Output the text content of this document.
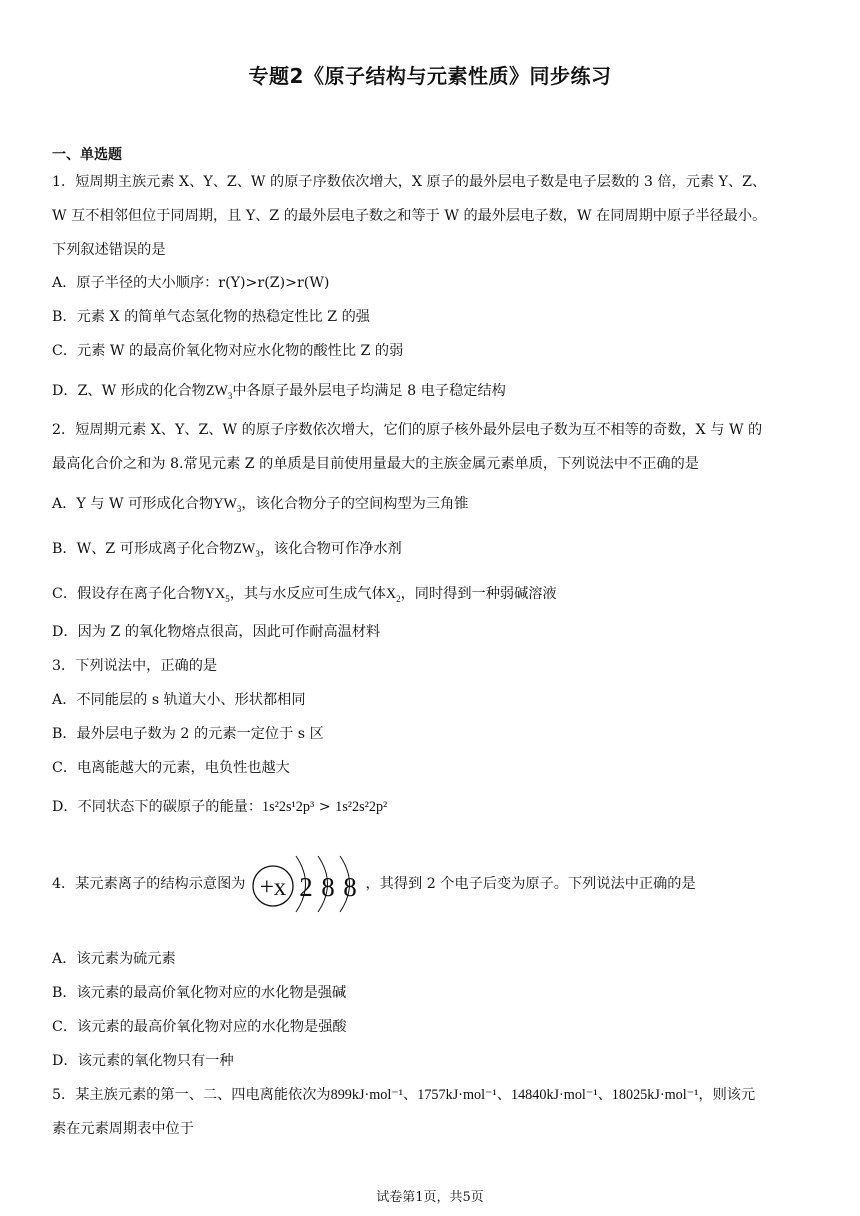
专题2《原子结构与元素性质》同步练习
一、单选题
1．短周期主族元素 X、Y、Z、W 的原子序数依次增大，X 原子的最外层电子数是电子层数的 3 倍，元素 Y、Z、
W 互不相邻但位于同周期，且 Y、Z 的最外层电子数之和等于 W 的最外层电子数，W 在同周期中原子半径最小。
下列叙述错误的是
A．原子半径的大小顺序：r(Y)>r(Z)>r(W)
B．元素 X 的简单气态氢化物的热稳定性比 Z 的强
C．元素 W 的最高价氧化物对应水化物的酸性比 Z 的弱
D．Z、W 形成的化合物$ZW_3$中各原子最外层电子均满足 8 电子稳定结构
2．短周期元素 X、Y、Z、W 的原子序数依次增大，它们的原子核外最外层电子数为互不相等的奇数，X 与 W 的
最高化合价之和为 8.常见元素 Z 的单质是目前使用量最大的主族金属元素单质，下列说法中不正确的是
A．Y 与 W 可形成化合物$YW_3$，该化合物分子的空间构型为三角锥
B．W、Z 可形成离子化合物$ZW_3$，该化合物可作净水剂
C．假设存在离子化合物$YX_5$，其与水反应可生成气体$X_2$，同时得到一种弱碱溶液
D．因为 Z 的氧化物熔点很高，因此可作耐高温材料
3．下列说法中，正确的是
A．不同能层的 s 轨道大小、形状都相同
B．最外层电子数为 2 的元素一定位于 s 区
C．电离能越大的元素，电负性也越大
D．不同状态下的碳原子的能量：1s²2s¹2p³ > 1s²2s²2p²
4．某元素离子的结构示意图为 +x 2 8 8 ，其得到 2 个电子后变为原子。下列说法中正确的是
A．该元素为硫元素
B．该元素的最高价氧化物对应的水化物是强碱
C．该元素的最高价氧化物对应的水化物是强酸
D．该元素的氧化物只有一种
5．某主族元素的第一、二、四电离能依次为899kJ·mol⁻¹、1757kJ·mol⁻¹、14840kJ·mol⁻¹、18025kJ·mol⁻¹，则该元
素在元素周期表中位于
试卷第1页，共5页
